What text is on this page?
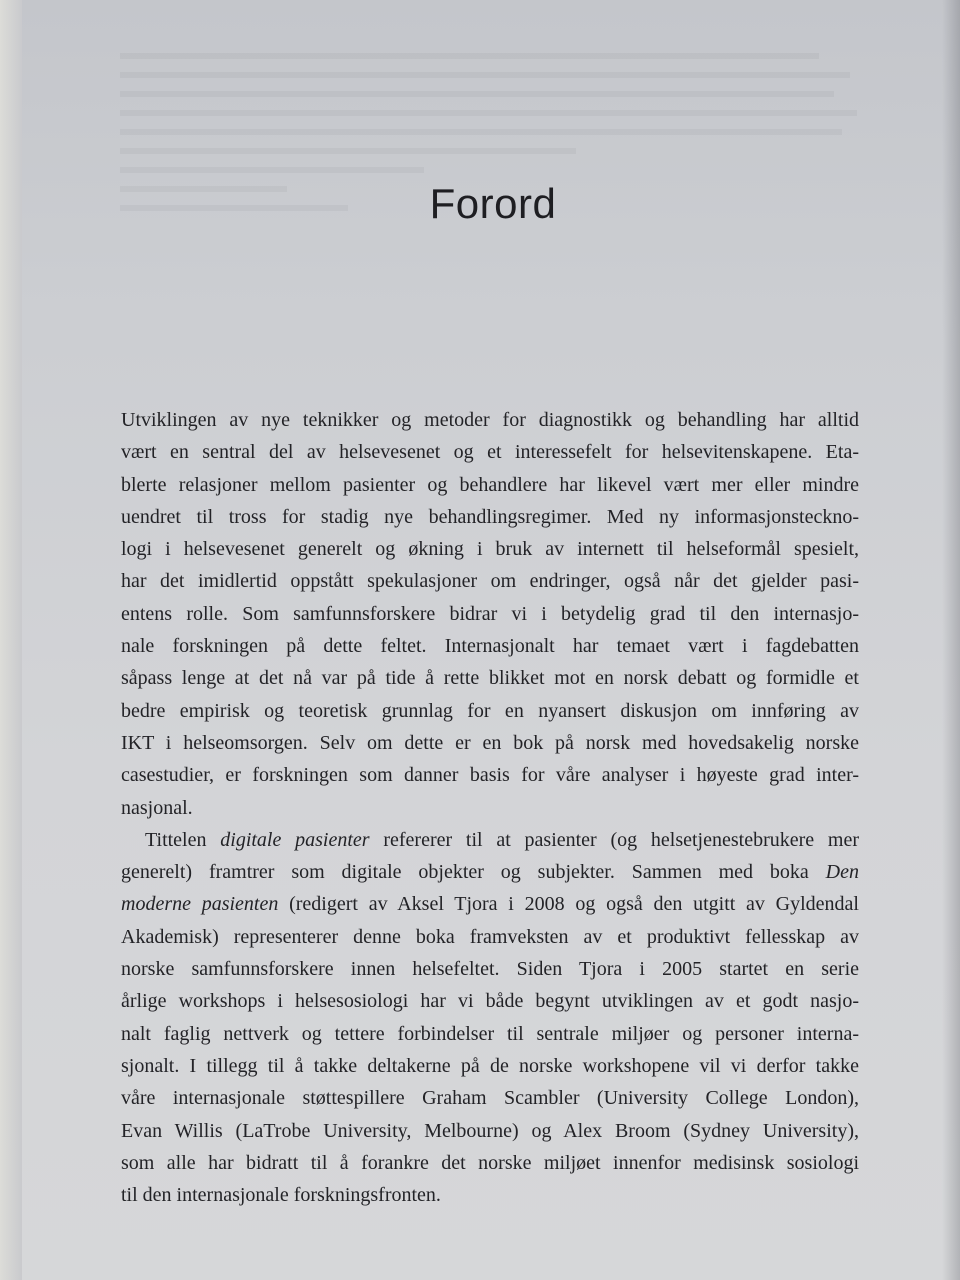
Forord
Utviklingen av nye teknikker og metoder for diagnostikk og behandling har alltid
vært en sentral del av helsevesenet og et interessefelt for helsevitenskapene. Eta-
blerte relasjoner mellom pasienter og behandlere har likevel vært mer eller mindre
uendret til tross for stadig nye behandlingsregimer. Med ny informasjonsteckno-
logi i helsevesenet generelt og økning i bruk av internett til helseformål spesielt,
har det imidlertid oppstått spekulasjoner om endringer, også når det gjelder pasi-
entens rolle. Som samfunnsforskere bidrar vi i betydelig grad til den internasjo-
nale forskningen på dette feltet. Internasjonalt har temaet vært i fagdebatten
såpass lenge at det nå var på tide å rette blikket mot en norsk debatt og formidle et
bedre empirisk og teoretisk grunnlag for en nyansert diskusjon om innføring av
IKT i helseomsorgen. Selv om dette er en bok på norsk med hovedsakelig norske
casestudier, er forskningen som danner basis for våre analyser i høyeste grad inter-
nasjonal.
Tittelen digitale pasienter refererer til at pasienter (og helsetjenestebrukere mer
generelt) framtrer som digitale objekter og subjekter. Sammen med boka Den
moderne pasienten (redigert av Aksel Tjora i 2008 og også den utgitt av Gyldendal
Akademisk) representerer denne boka framveksten av et produktivt fellesskap av
norske samfunnsforskere innen helsefeltet. Siden Tjora i 2005 startet en serie
årlige workshops i helsesosiologi har vi både begynt utviklingen av et godt nasjo-
nalt faglig nettverk og tettere forbindelser til sentrale miljøer og personer interna-
sjonalt. I tillegg til å takke deltakerne på de norske workshopene vil vi derfor takke
våre internasjonale støttespillere Graham Scambler (University College London),
Evan Willis (LaTrobe University, Melbourne) og Alex Broom (Sydney University),
som alle har bidratt til å forankre det norske miljøet innenfor medisinsk sosiologi
til den internasjonale forskningsfronten.
